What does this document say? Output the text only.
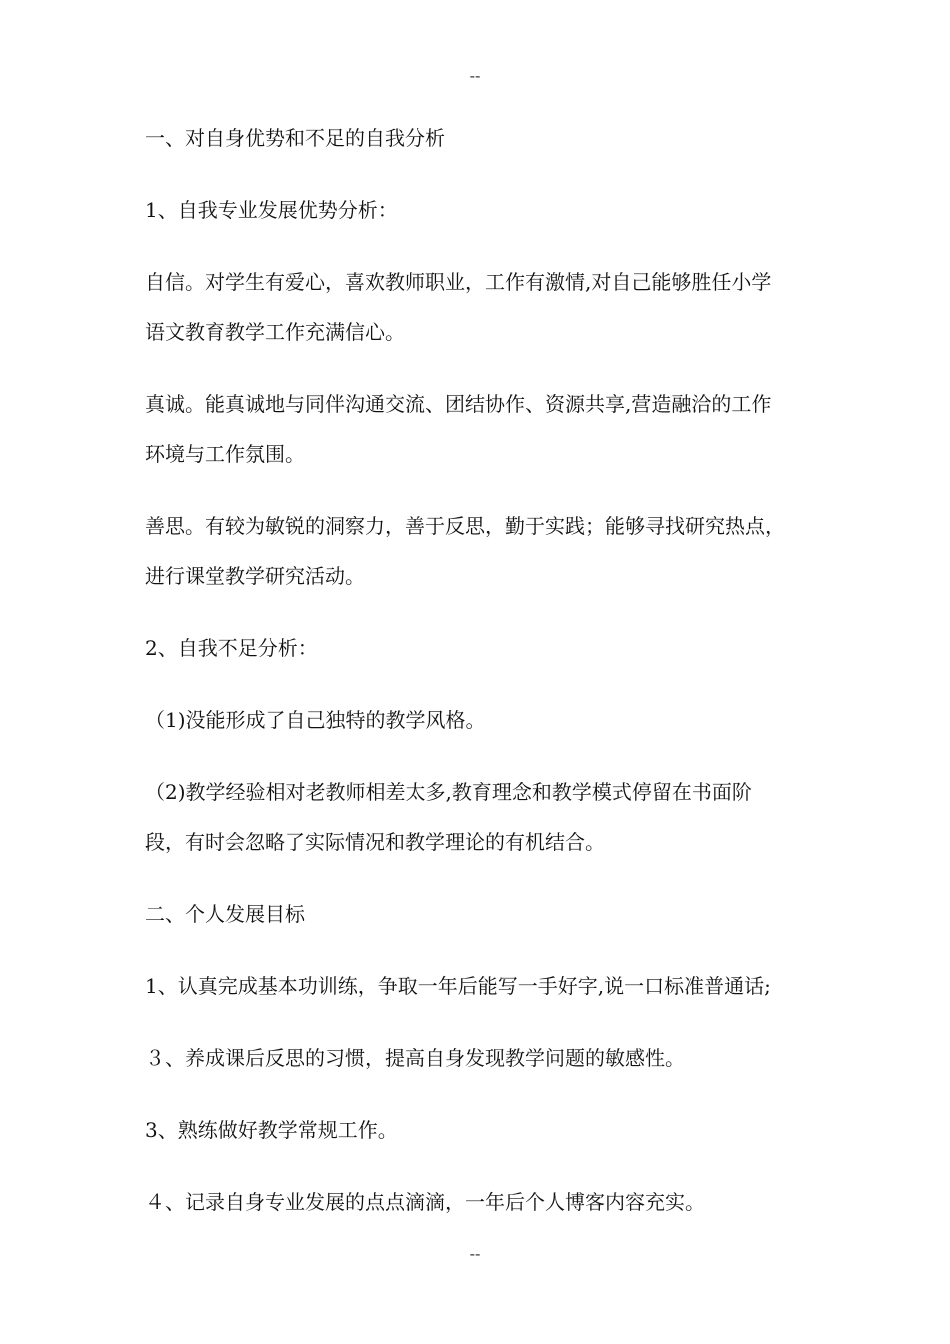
--
一、对自身优势和不足的自我分析
1、自我专业发展优势分析：
自信。对学生有爱心，喜欢教师职业，工作有激情,对自己能够胜任小学
语文教育教学工作充满信心。
真诚。能真诚地与同伴沟通交流、团结协作、资源共享,营造融洽的工作
环境与工作氛围。
善思。有较为敏锐的洞察力，善于反思，勤于实践；能够寻找研究热点，
进行课堂教学研究活动。
2、自我不足分析：
（1)没能形成了自己独特的教学风格。
（2)教学经验相对老教师相差太多,教育理念和教学模式停留在书面阶
段，有时会忽略了实际情况和教学理论的有机结合。
二、个人发展目标
1、认真完成基本功训练，争取一年后能写一手好字,说一口标准普通话;
３、养成课后反思的习惯，提高自身发现教学问题的敏感性。
3、熟练做好教学常规工作。
４、记录自身专业发展的点点滴滴，一年后个人博客内容充实。
--
